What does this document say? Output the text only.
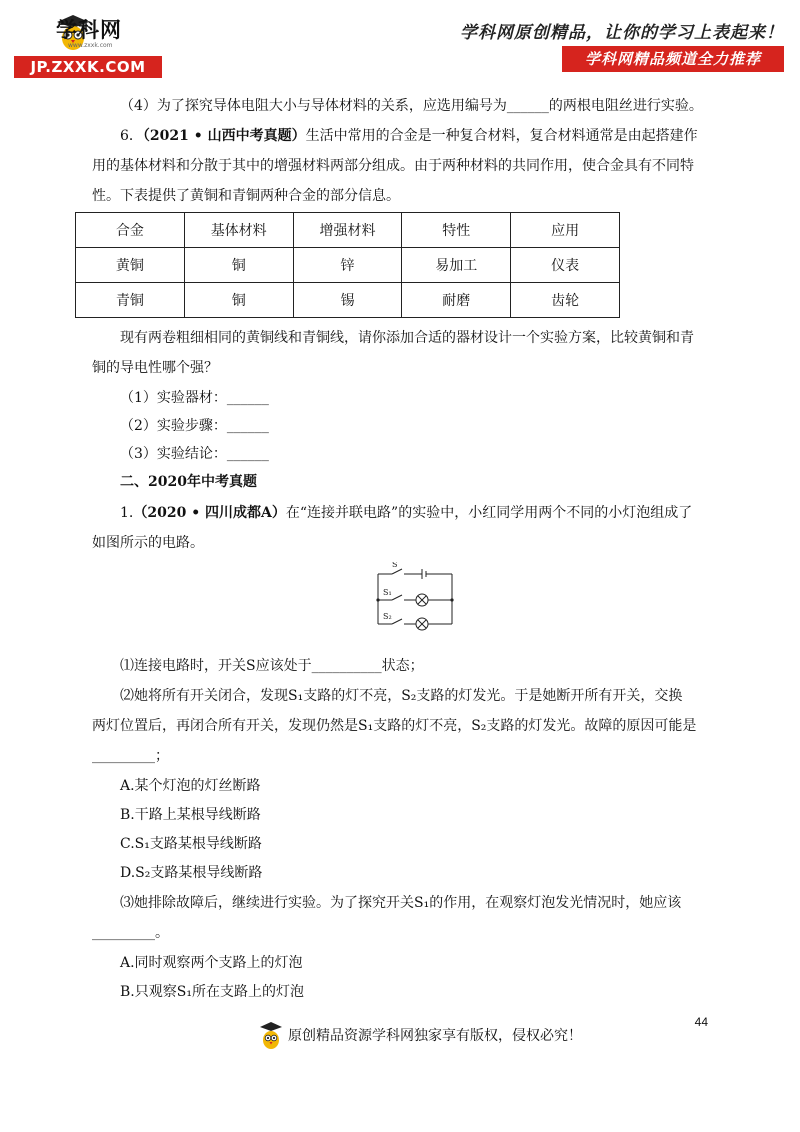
学科网
www.zxxk.com
JP.ZXXK.COM
学科网原创精品，让你的学习上表起来！
学科网精品频道全力推荐
（4）为了探究导体电阻大小与导体材料的关系，应选用编号为______的两根电阻丝进行实验。
6．（2021 • 山西中考真题）生活中常用的合金是一种复合材料，复合材料通常是由起搭建作
用的基体材料和分散于其中的增强材料两部分组成。由于两种材料的共同作用，使合金具有不同特
性。下表提供了黄铜和青铜两种合金的部分信息。
合金	基体材料	增强材料	特性	应用
黄铜	铜	锌	易加工	仪表
青铜	铜	锡	耐磨	齿轮
现有两卷粗细相同的黄铜线和青铜线，请你添加合适的器材设计一个实验方案，比较黄铜和青
铜的导电性哪个强？
（1）实验器材：______
（2）实验步骤：______
（3）实验结论：______
二、2020年中考真题
1.（2020 • 四川成都A）在“连接并联电路”的实验中，小红同学用两个不同的小灯泡组成了
如图所示的电路。
S
S₁
S₂
⑴连接电路时，开关S应该处于__________状态；
⑵她将所有开关闭合，发现S₁支路的灯不亮，S₂支路的灯发光。于是她断开所有开关，交换
两灯位置后，再闭合所有开关，发现仍然是S₁支路的灯不亮，S₂支路的灯发光。故障的原因可能是
_________；
A.某个灯泡的灯丝断路
B.干路上某根导线断路
C.S₁支路某根导线断路
D.S₂支路某根导线断路
⑶她排除故障后，继续进行实验。为了探究开关S₁的作用，在观察灯泡发光情况时，她应该
_________。
A.同时观察两个支路上的灯泡
B.只观察S₁所在支路上的灯泡
44
原创精品资源学科网独家享有版权，侵权必究！
